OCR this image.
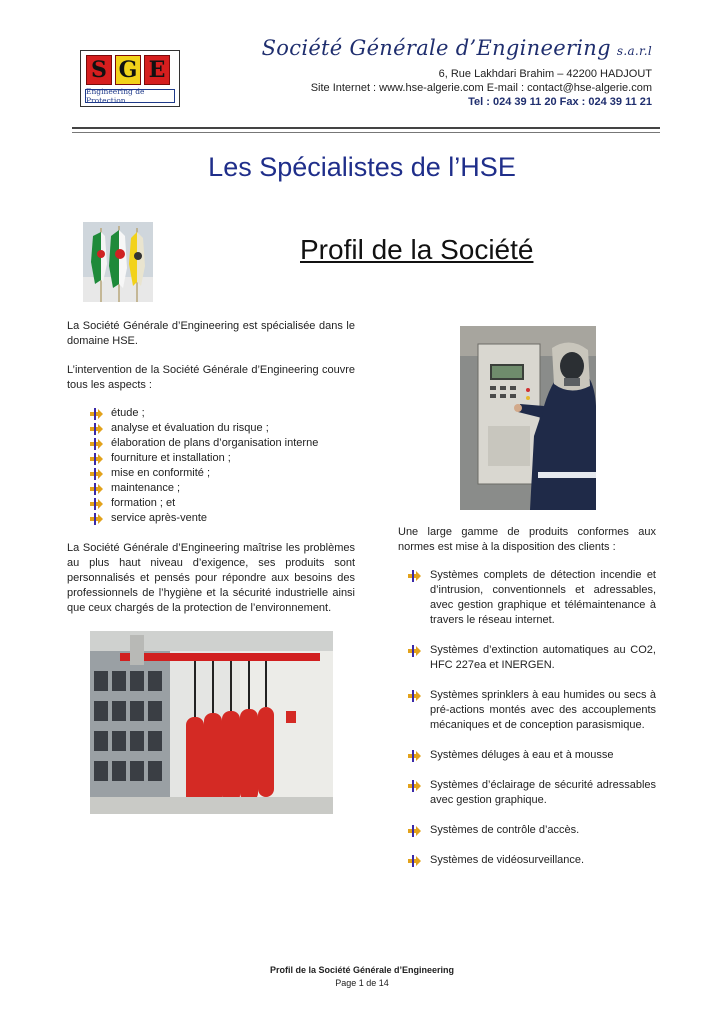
S G E
Engineering de Protection
Société Générale d’Engineering s.a.r.l
6, Rue Lakhdari Brahim – 42200 HADJOUT
Site Internet : www.hse-algerie.com E-mail : contact@hse-algerie.com
Tel : 024 39 11 20 Fax : 024 39 11 21
Les Spécialistes de l’HSE
Profil de la Société
La Société Générale d’Engineering est spécialisée dans le domaine HSE.
L’intervention de la Société Générale d’Engineering couvre tous les aspects :
étude ;
analyse et évaluation du risque ;
élaboration de plans d’organisation interne
fourniture et installation ;
mise en conformité ;
maintenance ;
formation ; et
service après-vente
La Société Générale d’Engineering maîtrise les problèmes au plus haut niveau d’exigence, ses produits sont personnalisés et pensés pour répondre aux besoins des professionnels de l’hygiène et la sécurité industrielle ainsi que ceux chargés de la protection de l’environnement.
Une large gamme de produits conformes aux normes est mise à la disposition des clients :
Systèmes complets de détection incendie et d’intrusion, conventionnels et adressables, avec gestion graphique et télémaintenance à travers le réseau internet.
Systèmes d’extinction automatiques au CO2, HFC 227ea et INERGEN.
Systèmes sprinklers à eau humides ou secs à pré-actions montés avec des accouplements mécaniques et de conception parasismique.
Systèmes déluges à eau et à mousse
Systèmes d’éclairage de sécurité adressables avec gestion graphique.
Systèmes de contrôle d’accès.
Systèmes de vidéosurveillance.
Profil de la Société Générale d’Engineering
Page 1 de 14
